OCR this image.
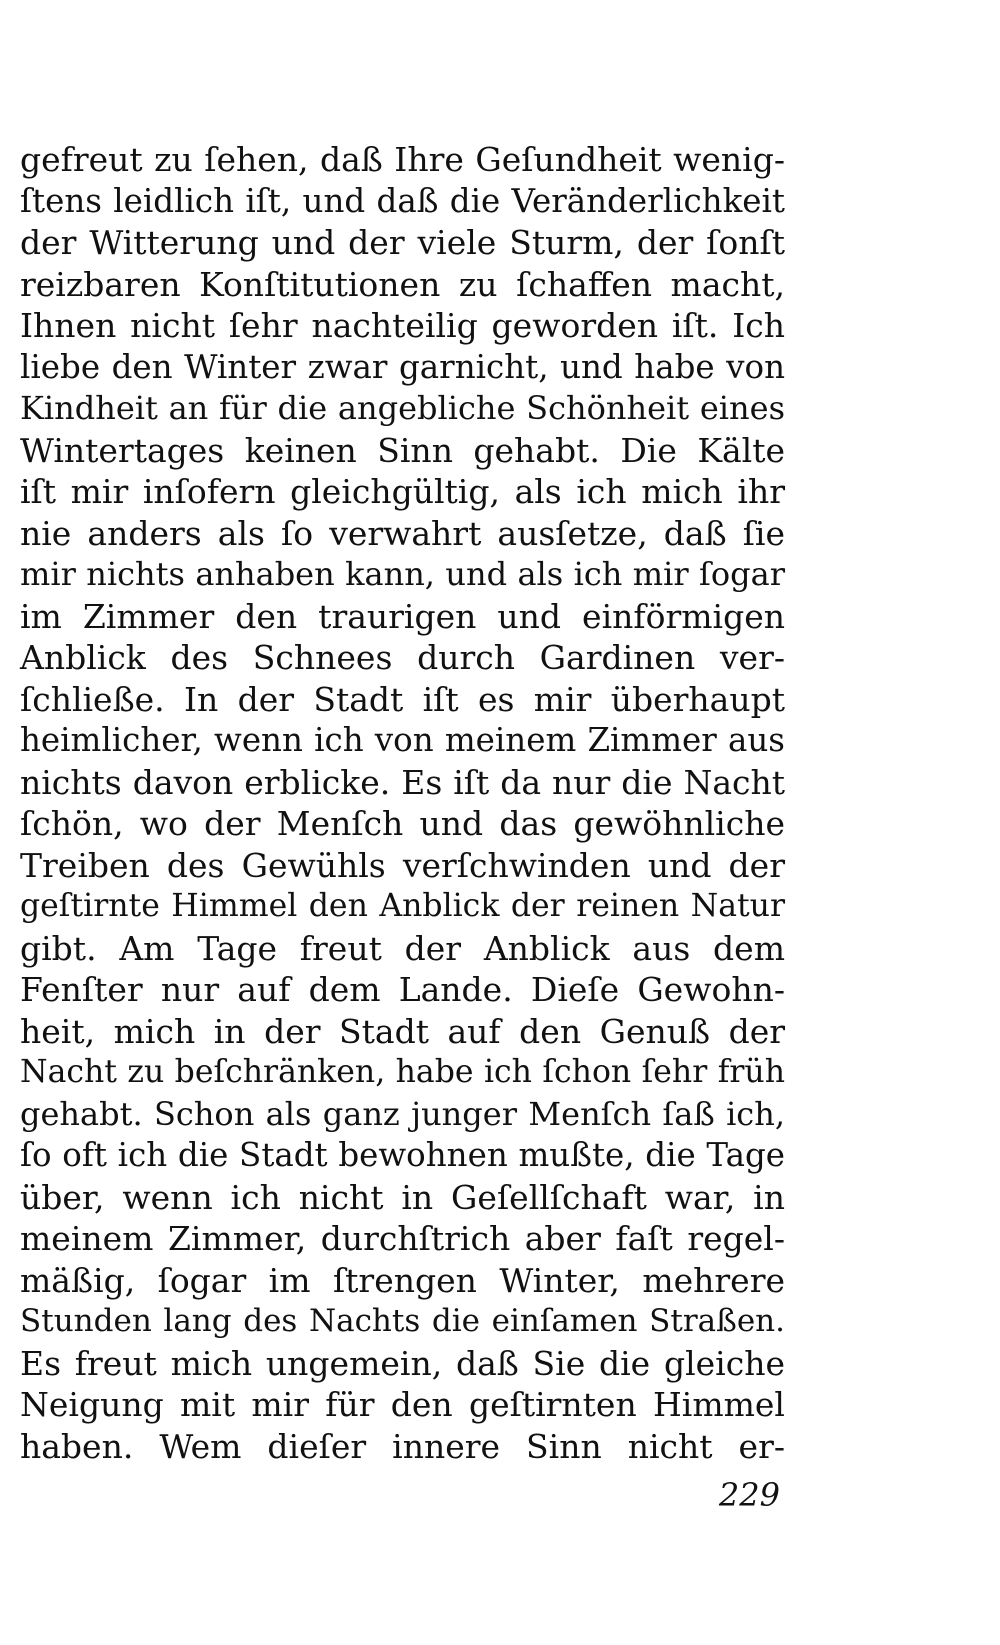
gefreut zu ſehen, daß Ihre Geſundheit wenig-
ſtens leidlich iſt, und daß die Veränderlichkeit
der Witterung und der viele Sturm, der ſonſt
reizbaren Konſtitutionen zu ſchaffen macht,
Ihnen nicht ſehr nachteilig geworden iſt. Ich
liebe den Winter zwar garnicht, und habe von
Kindheit an für die angebliche Schönheit eines
Wintertages keinen Sinn gehabt. Die Kälte
iſt mir inſofern gleichgültig, als ich mich ihr
nie anders als ſo verwahrt ausſetze, daß ſie
mir nichts anhaben kann, und als ich mir ſogar
im Zimmer den traurigen und einförmigen
Anblick des Schnees durch Gardinen ver-
ſchließe. In der Stadt iſt es mir überhaupt
heimlicher, wenn ich von meinem Zimmer aus
nichts davon erblicke. Es iſt da nur die Nacht
ſchön, wo der Menſch und das gewöhnliche
Treiben des Gewühls verſchwinden und der
geſtirnte Himmel den Anblick der reinen Natur
gibt. Am Tage freut der Anblick aus dem
Fenſter nur auf dem Lande. Dieſe Gewohn-
heit, mich in der Stadt auf den Genuß der
Nacht zu beſchränken, habe ich ſchon ſehr früh
gehabt. Schon als ganz junger Menſch ſaß ich,
ſo oft ich die Stadt bewohnen mußte, die Tage
über, wenn ich nicht in Geſellſchaft war, in
meinem Zimmer, durchſtrich aber faſt regel-
mäßig, ſogar im ſtrengen Winter, mehrere
Stunden lang des Nachts die einſamen Straßen.
Es freut mich ungemein, daß Sie die gleiche
Neigung mit mir für den geſtirnten Himmel
haben. Wem dieſer innere Sinn nicht er-
229
